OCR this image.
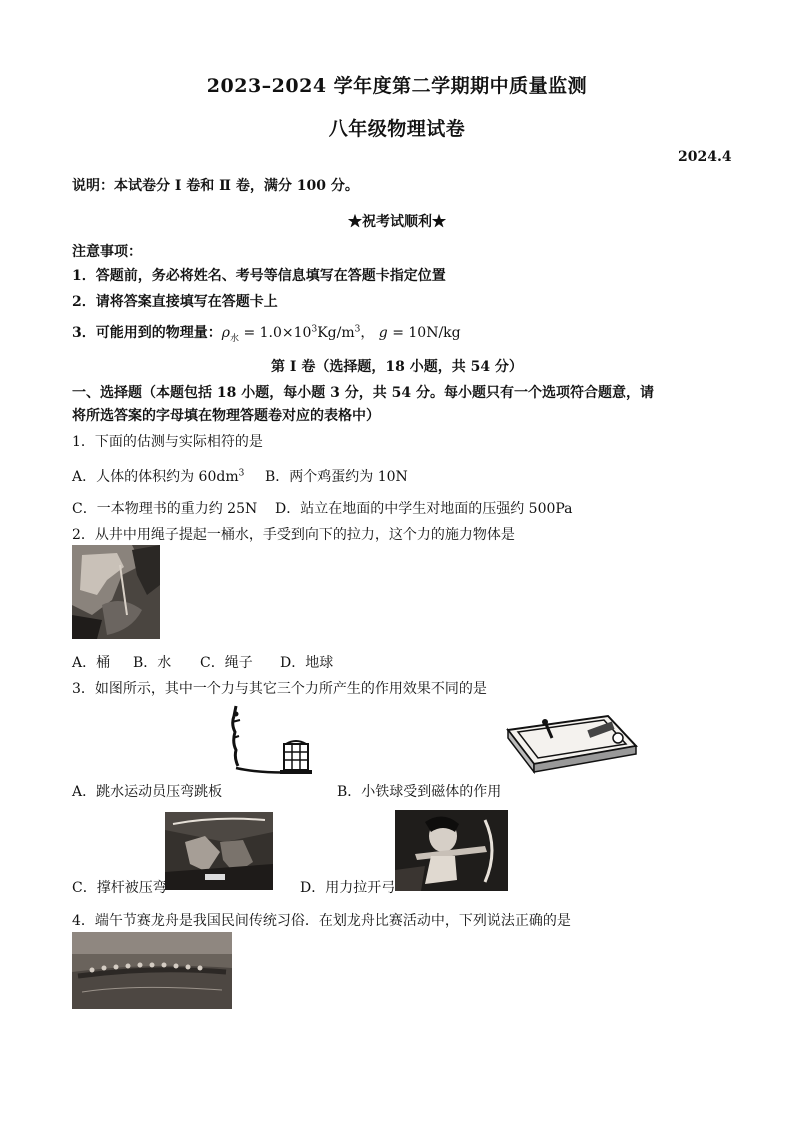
2023–2024 学年度第二学期期中质量监测
八年级物理试卷
2024.4
说明：本试卷分 Ⅰ 卷和 Ⅱ 卷，满分 100 分。
★祝考试顺利★
注意事项：
1．答题前，务必将姓名、考号等信息填写在答题卡指定位置
2．请将答案直接填写在答题卡上
3．可能用到的物理量：$\rho_水 = 1.0\times 10^3Kg/m^3$， g = 10N/kg
第 Ⅰ 卷（选择题，18 小题，共 54 分）
一、选择题（本题包括 18 小题，每小题 3 分，共 54 分。每小题只有一个选项符合题意，请
将所选答案的字母填在物理答题卷对应的表格中）
1．下面的估测与实际相符的是
A．人体的体积约为 $60dm^3$ B．两个鸡蛋约为 10N
C．一本物理书的重力约 25N D．站立在地面的中学生对地面的压强约 500Pa
2．从井中用绳子提起一桶水，手受到向下的拉力，这个力的施力物体是
A．桶 B．水 C．绳子 D．地球
3．如图所示，其中一个力与其它三个力所产生的作用效果不同的是
A．跳水运动员压弯跳板	B．小铁球受到磁体的作用
C．撑杆被压弯	D．用力拉开弓
4．端午节赛龙舟是我国民间传统习俗．在划龙舟比赛活动中，下列说法正确的是
